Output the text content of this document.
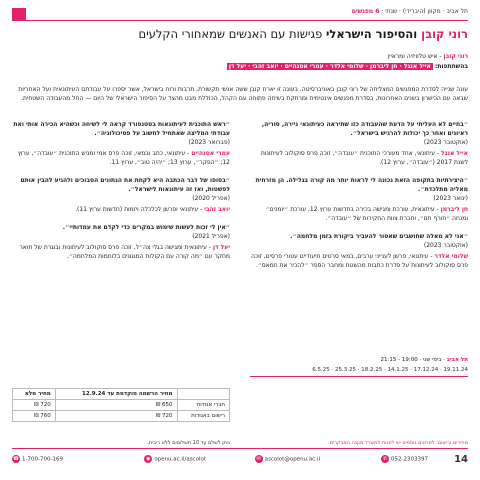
תל אביב · מקוון (היברידי) · שנתי · 6 מפגשים
רוני קובן והסיפור הישראלי פגישות עם האנשים שמאחורי הקלעים
רוני קובן - איש טלוויזיה ומראיין
בהשתתפות: אייל אנגל · חן ליברמן · שלומי אלדר · עמרי אסנהיים · יואב זהבי · יעל דן
עונה שנייה לסדרת המפגשים המצליחה של רוני קובן באוניברסיטה. בעונה זו יארח קובן ששה אנשי תקשורת, תרבות ורוח בישראל, אשר יספרו על עבודתם העיתונאית ועל האחריות שבאה עם הכישרון בשנים האחרונות, בסדרת מפגשים אינטימית ומרתקת בשיחה פתוחה עם הקהל, הכוללת מבט מהצד על הסיפור הישראלי של היום — החל מהעבודה השטחית.
״בחיים לא העליתי על הדעת שהעבודה כזו שתיראה כעיתונאי ניירה, סוריה, ראיונים ואחר כך יכולות להרגיש בישראל״.
(אוקטובר 2023)
אייל אנגל - עיתונאי, אחד מעורכי התוכנית ״עובדה״, זוכה פרס סוקולוב לעיתונות לשנת 2017 (״עובדה״, ערוץ 12).
״היצירתיות בתקופה הזאת נכונה לי לראות יותר מה קורה בגלילה. הן מזרחית מאליה מתלכדת״.
(ינואר 2023)
חן ליברמן - עיתונאית, עורכת ומגישה בכירה בחדשות ערוץ 12, עורכת ״יומנים״ ומנחה ״חורף חם״, וחברת צוות החקירות של ״עובדה״.
״אני לא מאלה שחושבים שאסור להעביר ביקורת בזמן מלחמה״.
(אוקטובר 2023)
שלומי אלדר - עיתונאי, פרשן לענייני ערבים, במאי סרטים תיעודיים עטורי פרסים, זוכה פרס סוקולוב לעיתונות על סדרת כתבות מהשטח ומחבר הספר ״להכיר את חמאס״.
״ראש התוכנית לעיתונאות בסטנפורד קראה לי לשיחה וכשהיא הכירה אותי ואת עבודתי המליצה שאתחיל לחשוב על פסיכולוגיה״.
(פברואר 2023)
עמרי אסנהיים - עיתונאי, כתב ובמאי, זוכה פרס אמי ומגיש התוכנית ״עובדה״, ערוץ 12; ״הפקר״, ערוץ 13; ״יהיה טוב״, ערוץ 11.
״בסופו של דבר הכתבה היא לקחת את הנתונים הסבוכים ולהגיע להבין אותם לפשטות, ואז זה עיתונאות לישראל״.
(אפריל 2020)
יואב זהבי - עיתונאי ופרשן לכלכלה ויזמות (חדשות ערוץ 11).
״אין לי זכות לעשות שימוש במקרים כדי לקדם את עמדותיי״.
(אפריל 2021)
יעל דן - עיתונאית ומגישה בגלי צה״ל, זוכה פרס סוקולוב לעיתונות ובוגרת של תואר מחקר עם ״מה קורה עם הקולות המגוונים בלוחמות המלחמה״.
תל אביב · בימי שני · 19:00 - 21:15
19.11.24 · 17.12.24 · 14.1.25 · 18.2.25 · 25.3.25 · 6.5.25
	מחיר הרשמה מוקדמת עד 12.9.24	מחיר מלא
חברי אגודות	650 ₪	720 ₪
רישום באגודות	720 ₪	760 ₪
ניתן לשלם עד 10 תשלומים ללא ריבית.	מחירים ורישום: לפרטים נוספים יש לפנות למשרד מענה המבקרים.
14
✆ 052-2303397
✉ ascolot@openu.ac.il
◉ openu.ac.il/ascolot
☎ 1-700-700-169
